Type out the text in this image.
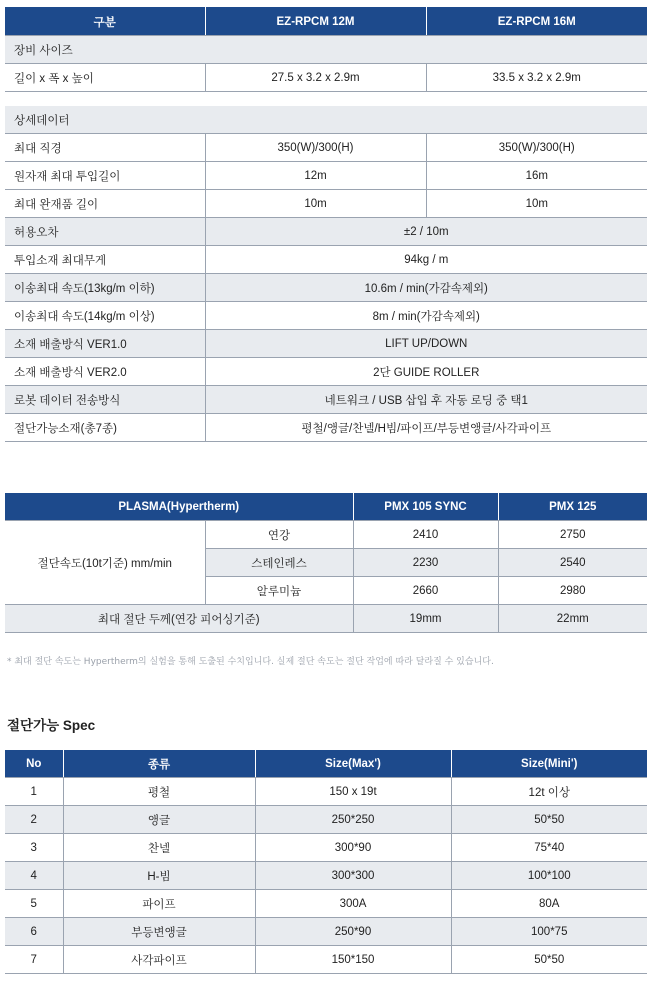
구분	EZ-RPCM 12M	EZ-RPCM 16M
장비 사이즈		
길이 x 폭 x 높이	27.5 x 3.2 x 2.9m	33.5 x 3.2 x 2.9m

상세데이터		
최대 직경	350(W)/300(H)	350(W)/300(H)
원자재 최대 투입길이	12m	16m
최대 완재품 길이	10m	10m
허용오차	±2 / 10m	
투입소재 최대무게	94kg / m	
이송최대 속도(13kg/m 이하)	10.6m / min(가감속제외)	
이송최대 속도(14kg/m 이상)	8m / min(가감속제외)	
소재 배출방식 VER1.0	LIFT UP/DOWN	
소재 배출방식 VER2.0	2단 GUIDE ROLLER	
로봇 데이터 전송방식	네트워크 / USB 삽입 후 자동 로딩 중 택1	
절단가능소재(총7종)	평철/앵글/찬넬/H빔/파이프/부등변앵글/사각파이프	
PLASMA(Hypertherm)		PMX 105 SYNC	PMX 125
절단속도(10t기준) mm/min	연강	2410	2750
	스테인레스	2230	2540
	알루미늄	2660	2980
최대 절단 두께(연강 피어싱기준)		19mm	22mm
* 최대 절단 속도는 Hypertherm의 실험을 통해 도출된 수치입니다. 실제 절단 속도는 절단 작업에 따라 달라질 수 있습니다.
절단가능 Spec
No	종류	Size(Max')	Size(Mini')
1	평철	150 x 19t	12t 이상
2	앵글	250*250	50*50
3	찬넬	300*90	75*40
4	H-빔	300*300	100*100
5	파이프	300A	80A
6	부등변앵글	250*90	100*75
7	사각파이프	150*150	50*50
